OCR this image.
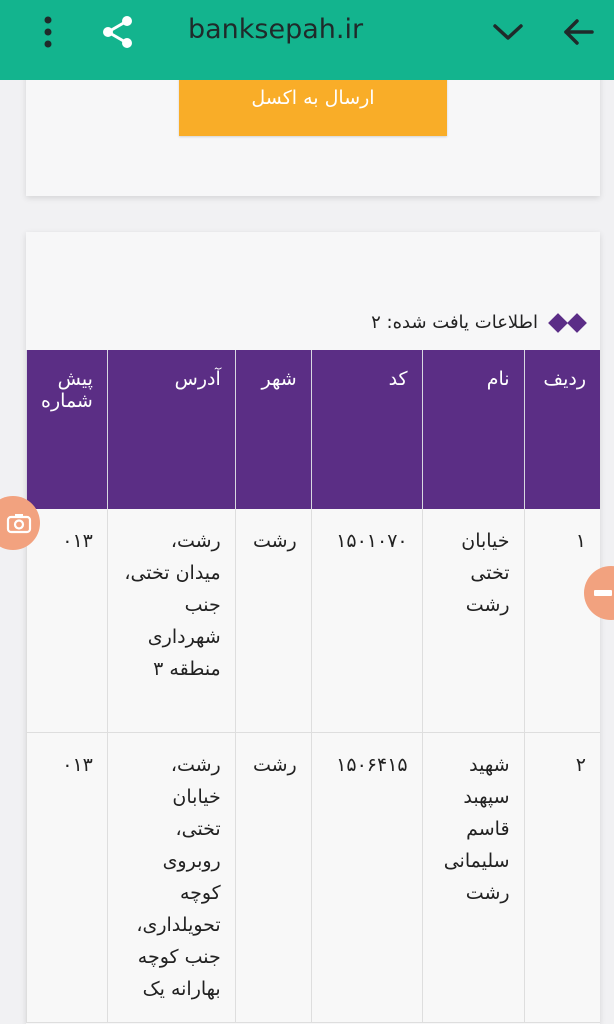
banksepah.ir
ارسال به اکسل
اطلاعات یافت شده: ۲
ردیف	نام	کد	شهر	آدرس	پیش شماره
۱	خیابان تختی رشت	۱۵۰۱۰۷۰	رشت	رشت، میدان تختی، جنب شهرداری منطقه ۳	۰۱۳
۲	شهید سپهبد قاسم سلیمانی رشت	۱۵۰۶۴۱۵	رشت	رشت، خیابان تختی، روبروی کوچه تحویلداری، جنب کوچه بهارانه یک	۰۱۳
